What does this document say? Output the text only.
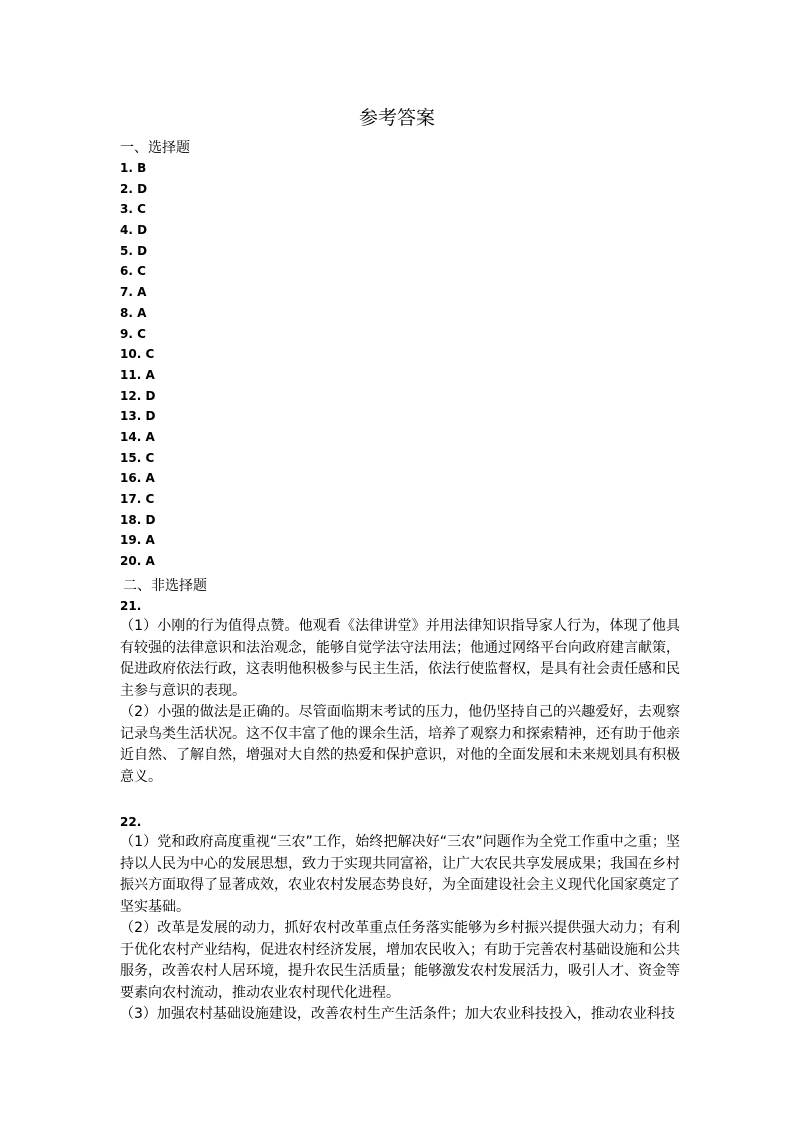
参考答案
一、选择题
1. B
2. D
3. C
4. D
5. D
6. C
7. A
8. A
9. C
10. C
11. A
12. D
13. D
14. A
15. C
16. A
17. C
18. D
19. A
20. A
二、非选择题
21.

（1）小刚的行为值得点赞。他观看《法律讲堂》并用法律知识指导家人行为，体现了他具有较强的法律意识和法治观念，能够自觉学法守法用法；他通过网络平台向政府建言献策，促进政府依法行政，这表明他积极参与民主生活，依法行使监督权，是具有社会责任感和民主参与意识的表现。

（2）小强的做法是正确的。尽管面临期末考试的压力，他仍坚持自己的兴趣爱好，去观察记录鸟类生活状况。这不仅丰富了他的课余生活，培养了观察力和探索精神，还有助于他亲近自然、了解自然，增强对大自然的热爱和保护意识，对他的全面发展和未来规划具有积极意义。

22.

（1）党和政府高度重视“三农”工作，始终把解决好“三农”问题作为全党工作重中之重；坚持以人民为中心的发展思想，致力于实现共同富裕，让广大农民共享发展成果；我国在乡村振兴方面取得了显著成效，农业农村发展态势良好，为全面建设社会主义现代化国家奠定了坚实基础。

（2）改革是发展的动力，抓好农村改革重点任务落实能够为乡村振兴提供强大动力；有利于优化农村产业结构，促进农村经济发展，增加农民收入；有助于完善农村基础设施和公共服务，改善农村人居环境，提升农民生活质量；能够激发农村发展活力，吸引人才、资金等要素向农村流动，推动农业农村现代化进程。

（3）加强农村基础设施建设，改善农村生产生活条件；加大农业科技投入，推动农业科技
